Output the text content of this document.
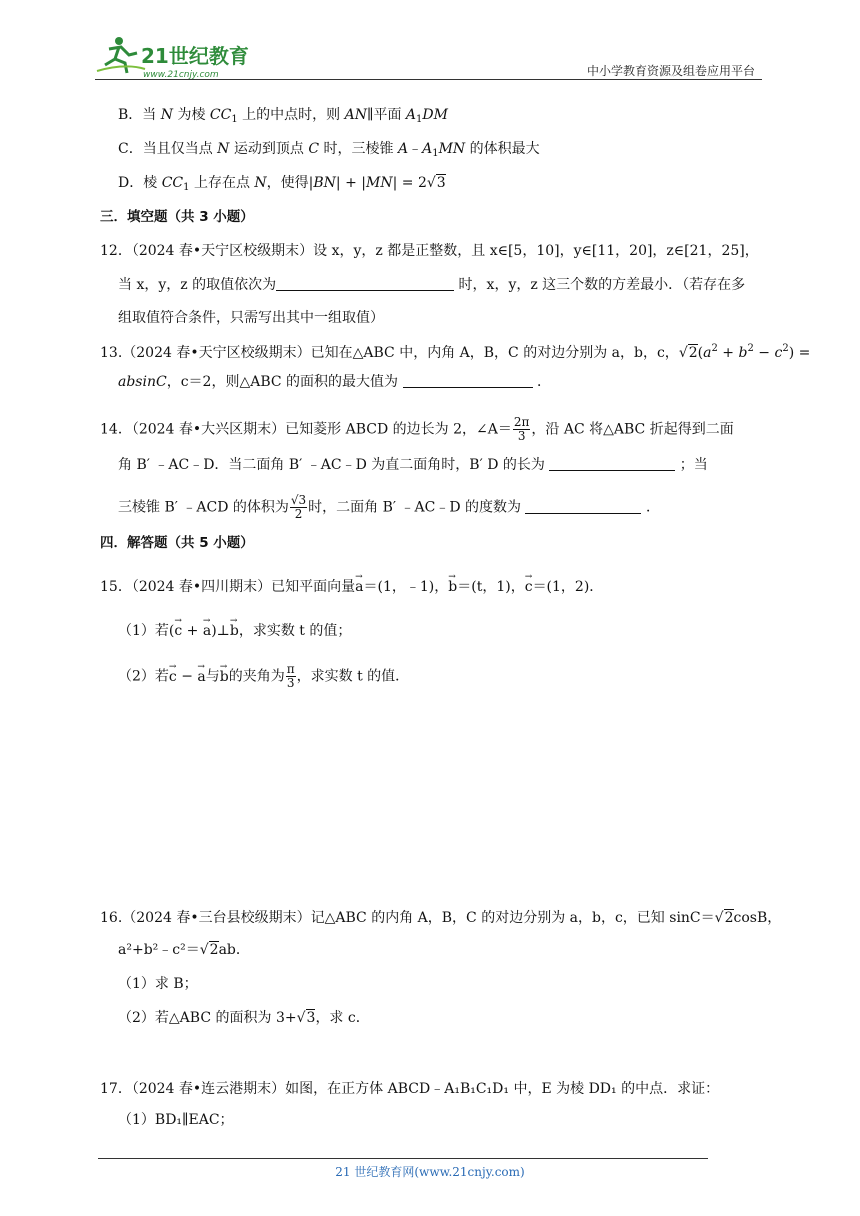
21世纪教育
www.21cnjy.com	中小学教育资源及组卷应用平台
B．当 N 为棱 $CC_1$ 上的中点时，则 AN∥平面 $A_1DM$
C．当且仅当点 N 运动到顶点 C 时，三棱锥 $A﹣A_1MN$ 的体积最大
D．棱 $CC_1$ 上存在点 N，使得|BN| + |MN| = 2√3
三．填空题（共 3 小题）
12．（2024 春•天宁区校级期末）设 x，y，z 都是正整数，且 x∈[5，10]，y∈[11，20]，z∈[21，25]，
当 x，y，z 的取值依次为	时，x，y，z 这三个数的方差最小．（若存在多
组取值符合条件，只需写出其中一组取值）
13.（2024 春•天宁区校级期末）已知在△ABC 中，内角 A，B，C 的对边分别为 a，b，c，$√2(a^2 + b^2 - c^2)$ =
absinC，c＝2，则△ABC 的面积的最大值为	．
14．（2024 春•大兴区期末）已知菱形 ABCD 的边长为 2，∠A＝ $\frac{2\pi}{3}$ ，沿 AC 将△ABC 折起得到二面
角 B′ ﹣AC﹣D．当二面角 B′ ﹣AC﹣D 为直二面角时，B′ D 的长为	；当
三棱锥 B′ ﹣ACD 的体积为 $\frac{√3}{2}$ 时，二面角 B′ ﹣AC﹣D 的度数为	．
四．解答题（共 5 小题）
15．（2024 春•四川期末）已知平面向量→ a＝(1，﹣1)，→ b＝(t，1)，→ c＝(1，2)．
（1）若(→ c + → a)⊥→ b，求实数 t 的值；
（2）若→ c − → a与→ b的夹角为 $\frac{\pi}{3}$ ，求实数 t 的值．
16.（2024 春•三台县校级期末）记△ABC 的内角 A，B，C 的对边分别为 a，b，c，已知 sinC＝√2cosB，
a²+b²﹣c²＝√2ab．
（1）求 B；
（2）若△ABC 的面积为 3+√3，求 c．
17．（2024 春•连云港期末）如图，在正方体 ABCD﹣A₁B₁C₁D₁ 中，E 为棱 DD₁ 的中点．求证：
（1）BD₁∥EAC；
21 世纪教育网(www.21cnjy.com)
